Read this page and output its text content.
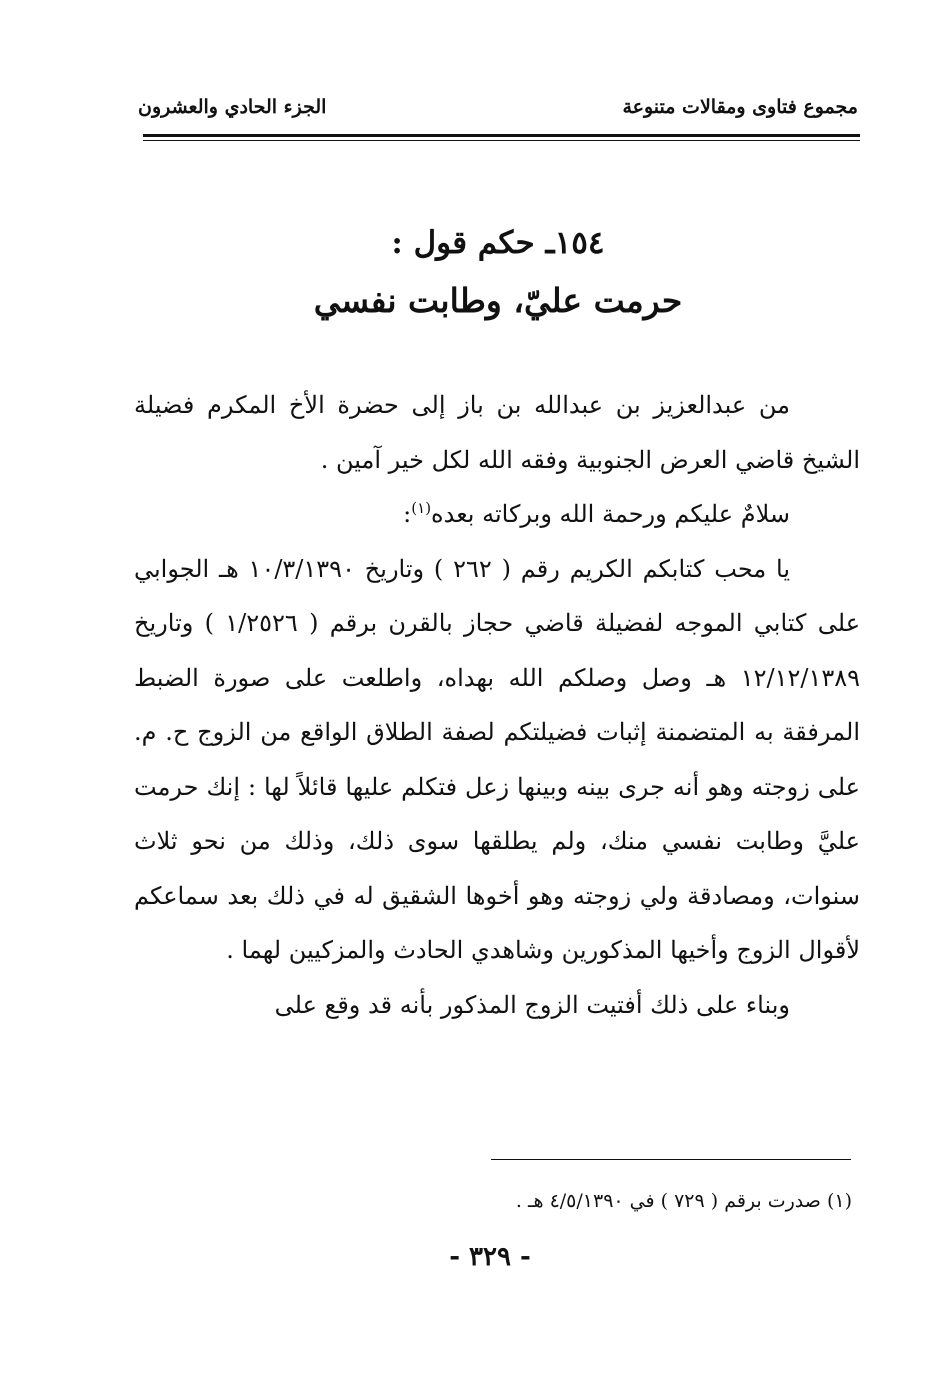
مجموع فتاوى ومقالات متنوعة
الجزء الحادي والعشرون
١٥٤ـ حكم قول :
حرمت عليّ، وطابت نفسي

من عبدالعزيز بن عبدالله بن باز إلى حضرة الأخ المكرم فضيلة الشيخ قاضي العرض الجنوبية وفقه الله لكل خير آمين .

سلامٌ عليكم ورحمة الله وبركاته بعده$^{(١)}$:

يا محب كتابكم الكريم رقم ( ٢٦٢ ) وتاريخ ١٠/٣/١٣٩٠ هـ الجوابي على كتابي الموجه لفضيلة قاضي حجاز بالقرن برقم ( ١/٢٥٢٦ ) وتاريخ ١٢/١٢/١٣٨٩ هـ وصل وصلكم الله بهداه، واطلعت على صورة الضبط المرفقة به المتضمنة إثبات فضيلتكم لصفة الطلاق الواقع من الزوج ح. م. على زوجته وهو أنه جرى بينه وبينها زعل فتكلم عليها قائلاً لها : إنك حرمت عليَّ وطابت نفسي منك، ولم يطلقها سوى ذلك، وذلك من نحو ثلاث سنوات، ومصادقة ولي زوجته وهو أخوها الشقيق له في ذلك بعد سماعكم لأقوال الزوج وأخيها المذكورين وشاهدي الحادث والمزكيين لهما .

وبناء على ذلك أفتيت الزوج المذكور بأنه قد وقع على

(١) صدرت برقم ( ٧٢٩ ) في ٤/٥/١٣٩٠ هـ .
- ٣٢٩ -
